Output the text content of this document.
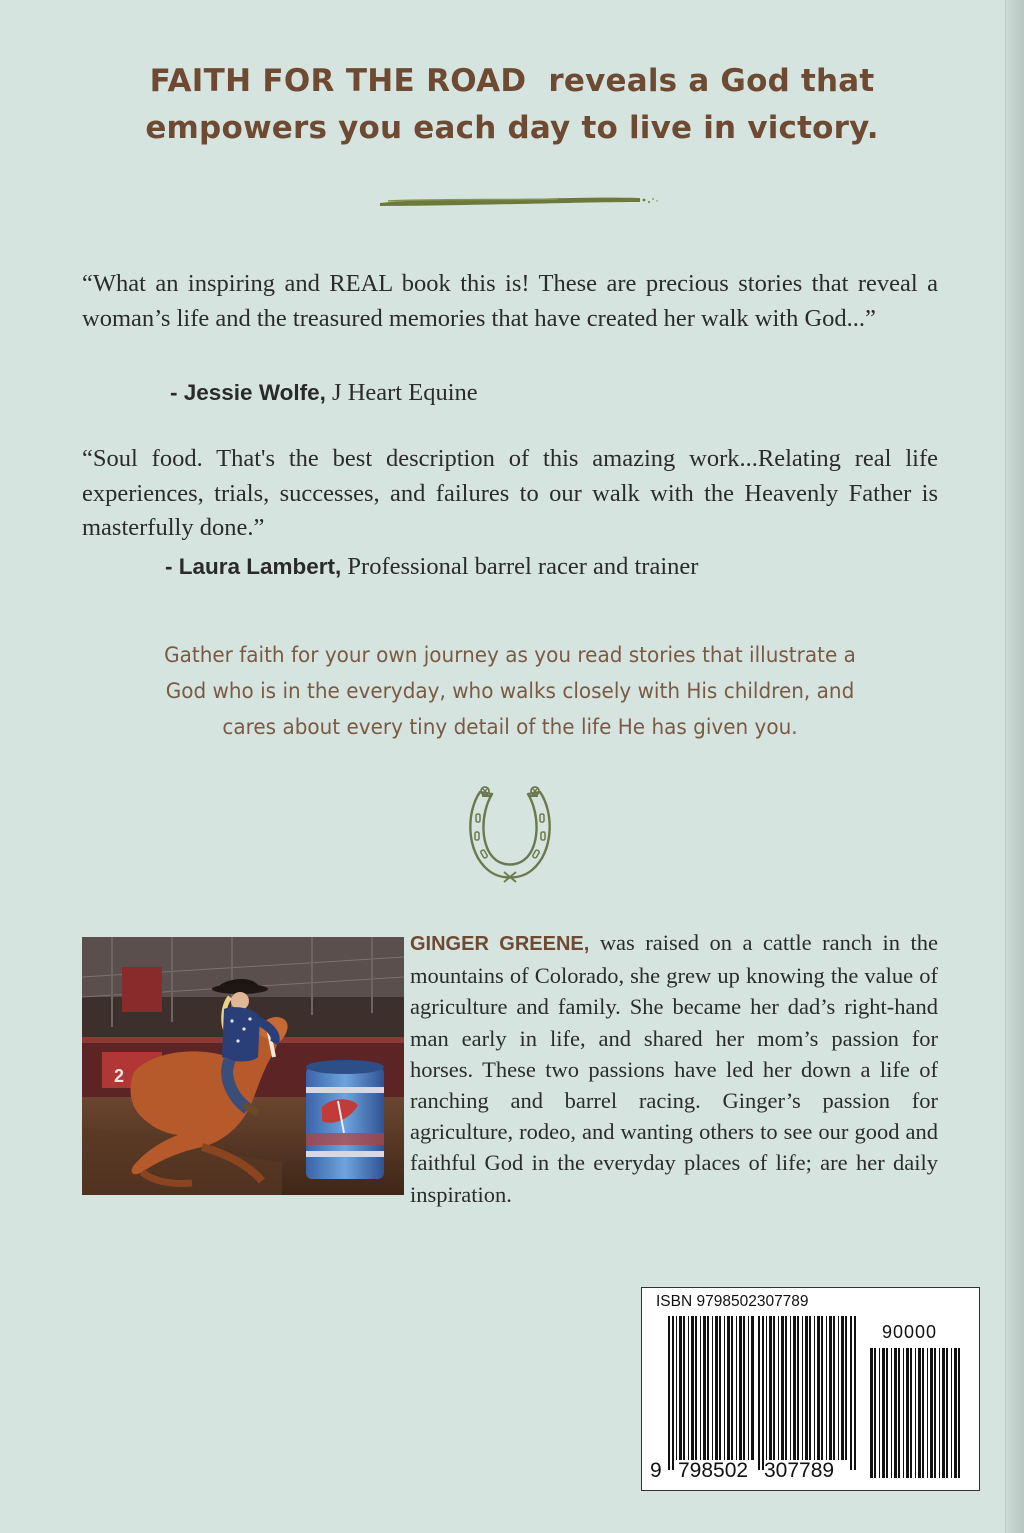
FAITH FOR THE ROAD reveals a God that
empowers you each day to live in victory.
“What an inspiring and REAL book this is! These are precious stories that reveal a woman’s life and the treasured memories that have created her walk with God...”
- Jessie Wolfe, J Heart Equine
“Soul food. That's the best description of this amazing work...Relating real life experiences, trials, successes, and failures to our walk with the Heavenly Father is masterfully done.”
- Laura Lambert, Professional barrel racer and trainer
Gather faith for your own journey as you read stories that illustrate a
God who is in the everyday, who walks closely with His children, and
cares about every tiny detail of the life He has given you.
2
GINGER GREENE, was raised on a cattle ranch in the mountains of Colorado, she grew up knowing the value of agriculture and family. She became her dad’s right-hand man early in life, and shared her mom’s passion for horses. These two passions have led her down a life of ranching and barrel racing. Ginger’s passion for agriculture, rodeo, and wanting others to see our good and faithful God in the everyday places of life; are her daily inspiration.
ISBN 9798502307789
90000
9 798502 307789
